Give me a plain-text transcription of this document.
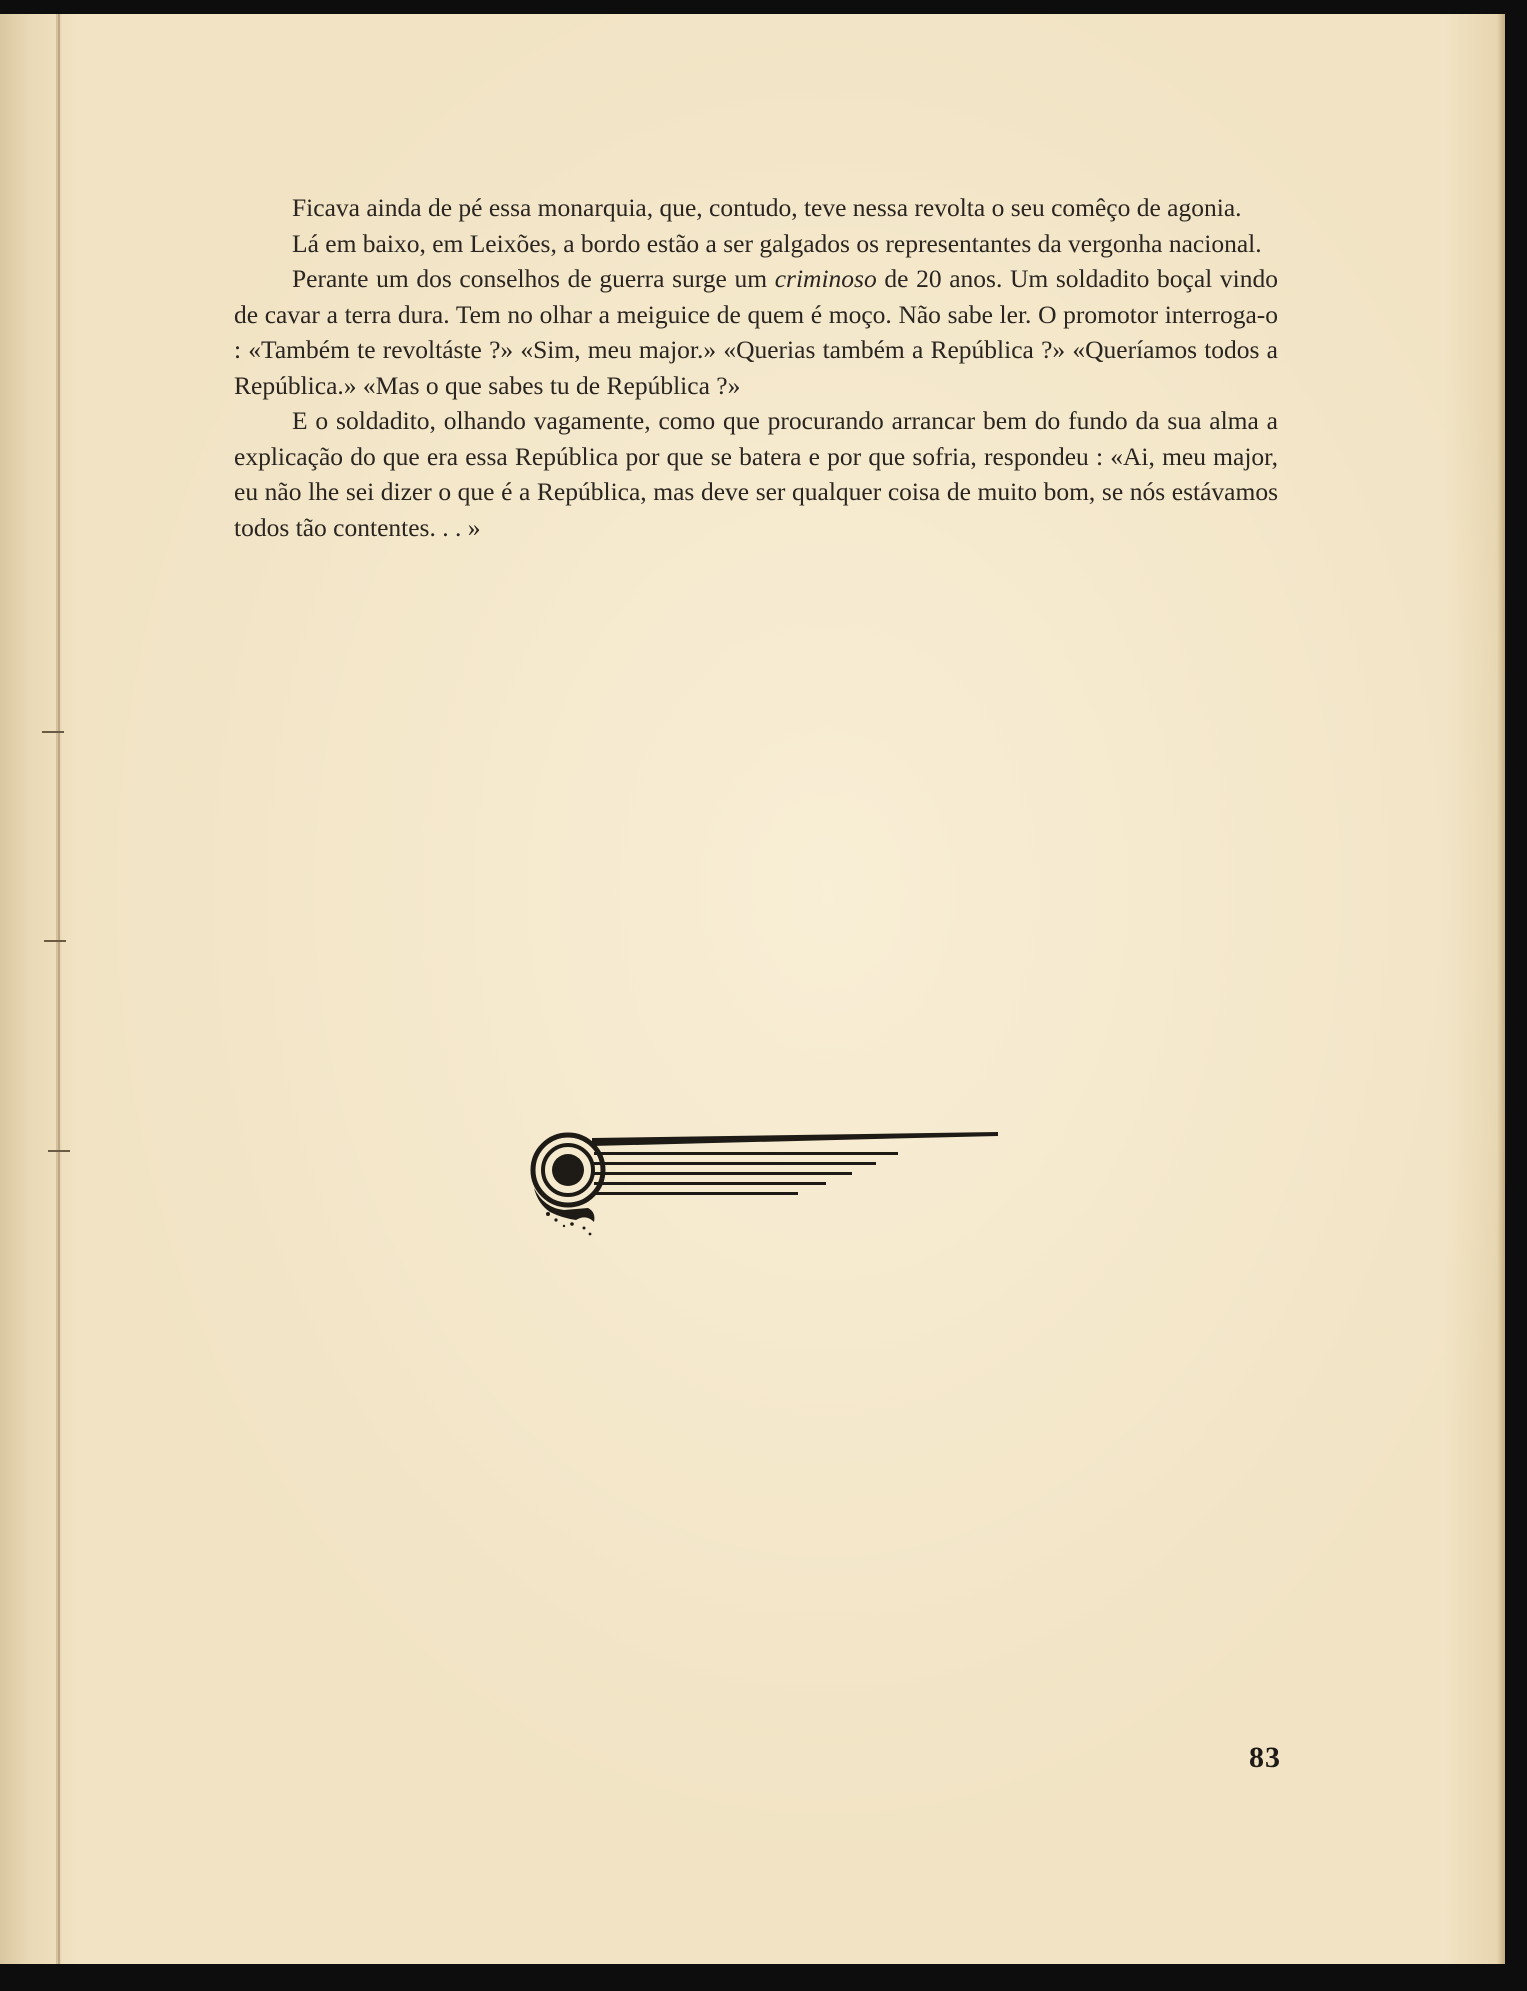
Ficava ainda de pé essa monarquia, que, contudo, teve nessa revolta o seu comêço de agonia.

Lá em baixo, em Leixões, a bordo estão a ser galgados os representantes da vergonha nacional.

Perante um dos conselhos de guerra surge um criminoso de 20 anos. Um soldadito boçal vindo de cavar a terra dura. Tem no olhar a meiguice de quem é moço. Não sabe ler. O promotor interroga-o : «Também te revoltáste ?» «Sim, meu major.» «Querias também a República ?» «Queríamos todos a República.» «Mas o que sabes tu de República ?»

E o soldadito, olhando vagamente, como que procurando arrancar bem do fundo da sua alma a explicação do que era essa República por que se batera e por que sofria, respondeu : «Ai, meu major, eu não lhe sei dizer o que é a República, mas deve ser qualquer coisa de muito bom, se nós estávamos todos tão contentes. . . »

83
